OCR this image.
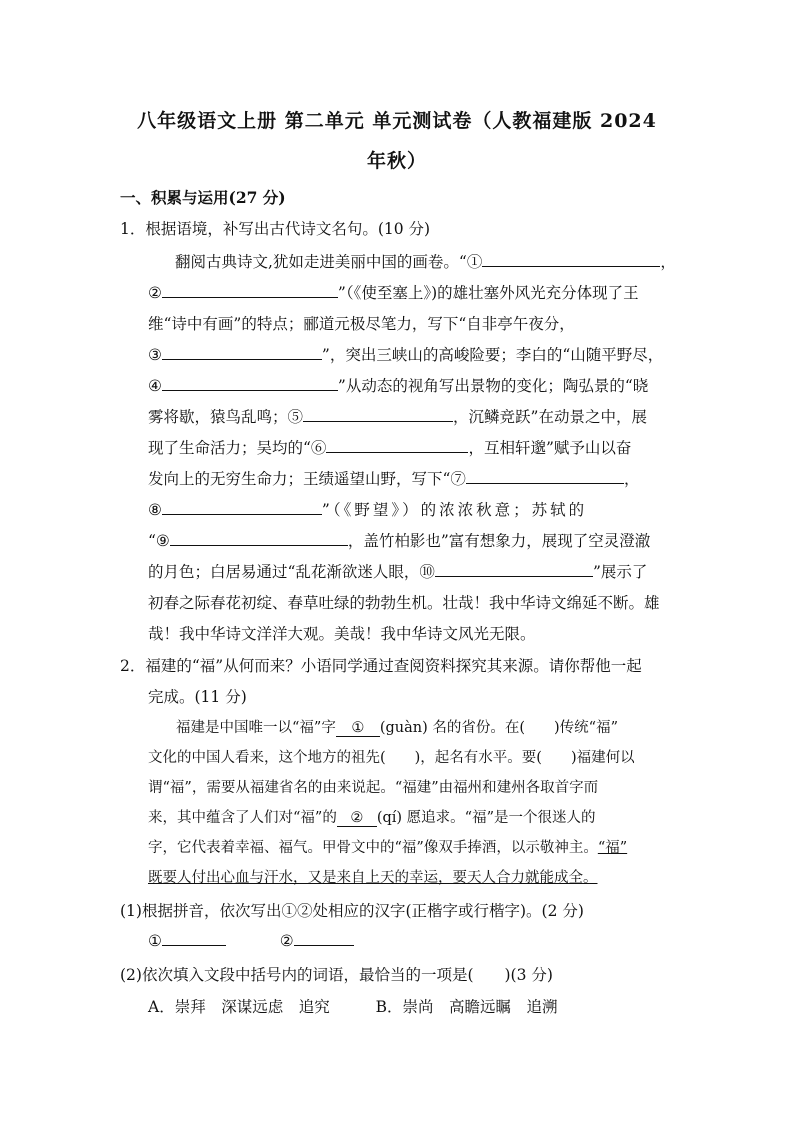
八年级语文上册 第二单元 单元测试卷（人教福建版 2024
年秋）
一、积累与运用(27 分)
1．根据语境，补写出古代诗文名句。(10 分)
翻阅古典诗文,犹如走进美丽中国的画卷。“①	，
②	”（《使至塞上》)的雄壮塞外风光充分体现了王
维“诗中有画”的特点；郦道元极尽笔力，写下“自非亭午夜分，
③	”，突出三峡山的高峻险要；李白的“山随平野尽，
④	”从动态的视角写出景物的变化；陶弘景的“晓
雾将歇，猿鸟乱鸣；⑤	，沉鳞竞跃”在动景之中，展
现了生命活力；吴均的“⑥	，互相轩邈”赋予山以奋
发向上的无穷生命力；王绩遥望山野，写下“⑦	，
⑧	”（《野望》）的浓浓秋意；苏轼的
“⑨	，盖竹柏影也”富有想象力，展现了空灵澄澈
的月色；白居易通过“乱花渐欲迷人眼，⑩	”展示了
初春之际春花初绽、春草吐绿的勃勃生机。壮哉！我中华诗文绵延不断。雄
哉！我中华诗文洋洋大观。美哉！我中华诗文风光无限。
2．福建的“福”从何而来？小语同学通过查阅资料探究其来源。请你帮他一起
完成。(11 分)
福建是中国唯一以“福”字 ① (guàn) 名的省份。在(　　)传统“福”
文化的中国人看来，这个地方的祖先(　　)，起名有水平。要(　　)福建何以
谓“福”，需要从福建省名的由来说起。“福建”由福州和建州各取首字而
来，其中蕴含了人们对“福”的 ② (qí) 愿追求。“福”是一个很迷人的
字，它代表着幸福、福气。甲骨文中的“福”像双手捧酒，以示敬神主。“福”
既要人付出心血与汗水，又是来自上天的幸运，要天人合力就能成全。
(1)根据拼音，依次写出①②处相应的汉字(正楷字或行楷字)。(2 分)
①	②
(2)依次填入文段中括号内的词语，最恰当的一项是(　　)(3 分)
A．崇拜　深谋远虑　追究	B．崇尚　高瞻远瞩　追溯
